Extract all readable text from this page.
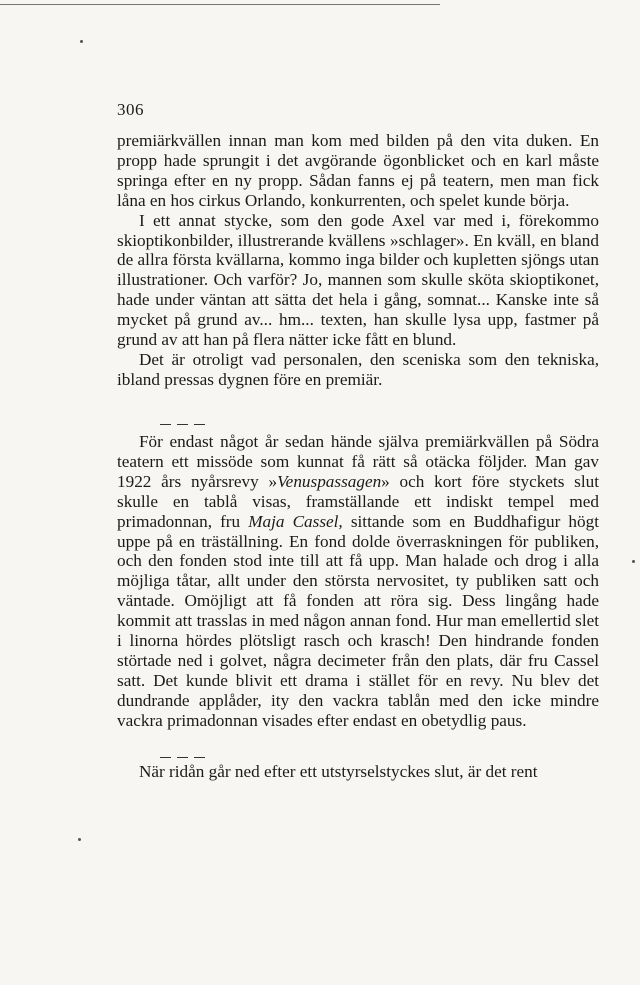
306

premiärkvällen innan man kom med bilden på den vita duken. En propp hade sprungit i det avgörande ögonblicket och en karl måste springa efter en ny propp. Sådan fanns ej på teatern, men man fick låna en hos cirkus Orlando, konkurrenten, och spelet kunde börja.

I ett annat stycke, som den gode Axel var med i, förekommo skioptikonbilder, illustrerande kvällens »schlager». En kväll, en bland de allra första kvällarna, kommo inga bilder och kupletten sjöngs utan illustrationer. Och varför? Jo, mannen som skulle sköta skioptikonet, hade under väntan att sätta det hela i gång, somnat... Kanske inte så mycket på grund av... hm... texten, han skulle lysa upp, fastmer på grund av att han på flera nätter icke fått en blund.

Det är otroligt vad personalen, den sceniska som den tekniska, ibland pressas dygnen före en premiär.

För endast något år sedan hände själva premiärkvällen på Södra teatern ett missöde som kunnat få rätt så otäcka följder. Man gav 1922 års nyårsrevy »Venuspassagen» och kort före styckets slut skulle en tablå visas, framställande ett indiskt tempel med primadonnan, fru Maja Cassel, sittande som en Buddhafigur högt uppe på en träställning. En fond dolde överraskningen för publiken, och den fonden stod inte till att få upp. Man halade och drog i alla möjliga tåtar, allt under den största nervositet, ty publiken satt och väntade. Omöjligt att få fonden att röra sig. Dess lingång hade kommit att trasslas in med någon annan fond. Hur man emellertid slet i linorna hördes plötsligt rasch och krasch! Den hindrande fonden störtade ned i golvet, några decimeter från den plats, där fru Cassel satt. Det kunde blivit ett drama i stället för en revy. Nu blev det dundrande applåder, ity den vackra tablån med den icke mindre vackra primadonnan visades efter endast en obetydlig paus.

När ridån går ned efter ett utstyrselstyckes slut, är det rent
